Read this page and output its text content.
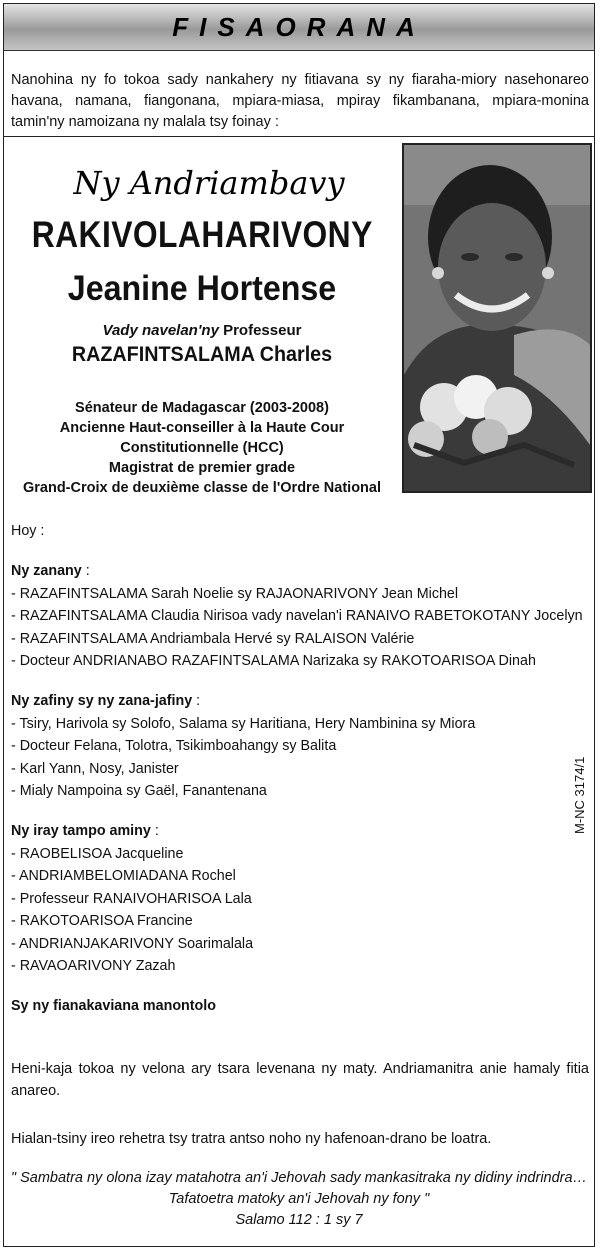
FISAORANA
Nanohina ny fo tokoa sady nankahery ny fitiavana sy ny fiaraha-miory nasehonareo havana, namana, fiangonana, mpiara-miasa, mpiray fikambanana, mpiara-monina tamin'ny namoizana ny malala tsy foinay :
Ny Andriambavy
RAKIVOLAHARIVONY
Jeanine Hortense
Vady navelan'ny Professeur
RAZAFINTSALAMA Charles
Sénateur de Madagascar (2003-2008)
Ancienne Haut-conseiller à la Haute Cour
Constitutionnelle (HCC)
Magistrat de premier grade
Grand-Croix de deuxième classe de l'Ordre National
Hoy :
Ny zanany :
- RAZAFINTSALAMA Sarah Noelie sy RAJAONARIVONY Jean Michel
- RAZAFINTSALAMA Claudia Nirisoa vady navelan'i RANAIVO RABETOKOTANY Jocelyn
- RAZAFINTSALAMA Andriambala Hervé sy RALAISON Valérie
- Docteur ANDRIANABO RAZAFINTSALAMA Narizaka sy RAKOTOARISOA Dinah
Ny zafiny sy ny zana-jafiny :
- Tsiry, Harivola sy Solofo, Salama sy Haritiana, Hery Nambinina sy Miora
- Docteur Felana, Tolotra, Tsikimboahangy sy Balita
- Karl Yann, Nosy, Janister
- Mialy Nampoina sy Gaël, Fanantenana
Ny iray tampo aminy :
- RAOBELISOA Jacqueline
- ANDRIAMBELOMIADANA Rochel
- Professeur RANAIVOHARISOA Lala
- RAKOTOARISOA Francine
- ANDRIANJAKARIVONY Soarimalala
- RAVAOARIVONY Zazah
Sy ny fianakaviana manontolo
M-NC 3174/1
Heni-kaja tokoa ny velona ary tsara levenana ny maty. Andriamanitra anie hamaly fitia anareo.
Hialan-tsiny ireo rehetra tsy tratra antso noho ny hafenoan-drano be loatra.
" Sambatra ny olona izay matahotra an'i Jehovah sady mankasitraka ny didiny indrindra…
Tafatoetra matoky an'i Jehovah ny fony "
Salamo 112 : 1 sy 7
